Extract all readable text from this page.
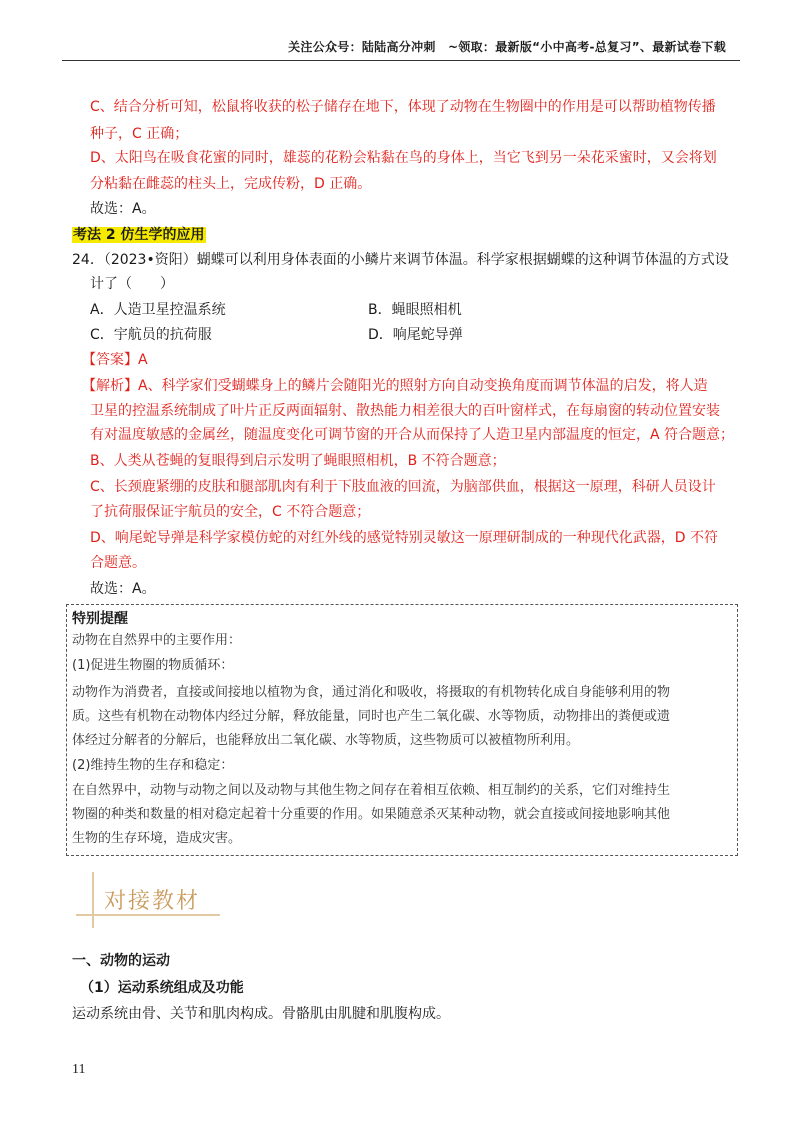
关注公众号：陆陆高分冲刺　~领取：最新版“小中高考-总复习”、最新试卷下载
C、结合分析可知，松鼠将收获的松子储存在地下，体现了动物在生物圈中的作用是可以帮助植物传播
种子，C 正确；
D、太阳鸟在吸食花蜜的同时，雄蕊的花粉会粘黏在鸟的身体上，当它飞到另一朵花采蜜时，又会将划
分粘黏在雌蕊的柱头上，完成传粉，D 正确。
故选：A。
考法 2 仿生学的应用
24．（2023•资阳）蝴蝶可以利用身体表面的小鳞片来调节体温。科学家根据蝴蝶的这种调节体温的方式设
计了（　　）
A．人造卫星控温系统	B．蝇眼照相机
C．宇航员的抗荷服	D．响尾蛇导弹
【答案】A
【解析】A、科学家们受蝴蝶身上的鳞片会随阳光的照射方向自动变换角度而调节体温的启发，将人造
卫星的控温系统制成了叶片正反两面辐射、散热能力相差很大的百叶窗样式，在每扇窗的转动位置安装
有对温度敏感的金属丝，随温度变化可调节窗的开合从而保持了人造卫星内部温度的恒定，A 符合题意；
B、人类从苍蝇的复眼得到启示发明了蝇眼照相机，B 不符合题意；
C、长颈鹿紧绷的皮肤和腿部肌肉有利于下肢血液的回流，为脑部供血，根据这一原理，科研人员设计
了抗荷服保证宇航员的安全，C 不符合题意；
D、响尾蛇导弹是科学家模仿蛇的对红外线的感觉特别灵敏这一原理研制成的一种现代化武器，D 不符
合题意。
故选：A。
特别提醒
动物在自然界中的主要作用：
(1)促进生物圈的物质循环：
动物作为消费者，直接或间接地以植物为食，通过消化和吸收，将摄取的有机物转化成自身能够利用的物
质。这些有机物在动物体内经过分解，释放能量，同时也产生二氧化碳、水等物质，动物排出的粪便或遗
体经过分解者的分解后，也能释放出二氧化碳、水等物质，这些物质可以被植物所利用。
(2)维持生物的生存和稳定：
在自然界中，动物与动物之间以及动物与其他生物之间存在着相互依赖、相互制约的关系，它们对维持生
物圈的种类和数量的相对稳定起着十分重要的作用。如果随意杀灭某种动物，就会直接或间接地影响其他
生物的生存环境，造成灾害。
对接教材
一、动物的运动
（1）运动系统组成及功能
运动系统由骨、关节和肌肉构成。骨骼肌由肌腱和肌腹构成。
11
